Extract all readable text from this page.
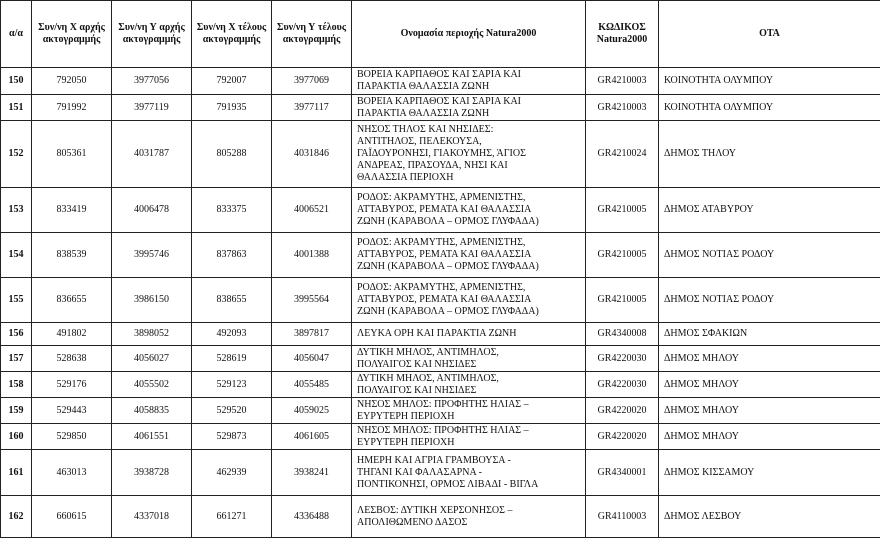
α/α	Συν/νη Χ αρχής ακτογραμμής	Συν/νη Υ αρχής ακτογραμμής	Συν/νη Χ τέλους ακτογραμμής	Συν/νη Υ τέλους ακτογραμμής	Ονομασία περιοχής Natura2000	ΚΩΔΙΚΟΣ Natura2000	ΟΤΑ
150	792050	3977056	792007	3977069	ΒΟΡΕΙΑ ΚΑΡΠΑΘΟΣ ΚΑΙ ΣΑΡΙΑ ΚΑΙ
ΠΑΡΑΚΤΙΑ ΘΑΛΑΣΣΙΑ ΖΩΝΗ	GR4210003	ΚΟΙΝΟΤΗΤΑ ΟΛΥΜΠΟΥ
151	791992	3977119	791935	3977117	ΒΟΡΕΙΑ ΚΑΡΠΑΘΟΣ ΚΑΙ ΣΑΡΙΑ ΚΑΙ
ΠΑΡΑΚΤΙΑ ΘΑΛΑΣΣΙΑ ΖΩΝΗ	GR4210003	ΚΟΙΝΟΤΗΤΑ ΟΛΥΜΠΟΥ
152	805361	4031787	805288	4031846	ΝΗΣΟΣ ΤΗΛΟΣ ΚΑΙ ΝΗΣΙΔΕΣ:
ΑΝΤΙΤΗΛΟΣ, ΠΕΛΕΚΟΥΣΑ,
ΓΑΪΔΟΥΡΟΝΗΣΙ, ΓΙΑΚΟΥΜΗΣ, ΆΓΙΟΣ
ΑΝΔΡΕΑΣ, ΠΡΑΣΟΥΔΑ, ΝΗΣΙ ΚΑΙ
ΘΑΛΑΣΣΙΑ ΠΕΡΙΟΧΗ	GR4210024	ΔΗΜΟΣ ΤΗΛΟΥ
153	833419	4006478	833375	4006521	ΡΟΔΟΣ: ΑΚΡΑΜΥΤΗΣ, ΑΡΜΕΝΙΣΤΗΣ,
ΑΤΤΑΒΥΡΟΣ, ΡΕΜΑΤΑ ΚΑΙ ΘΑΛΑΣΣΙΑ
ΖΩΝΗ (ΚΑΡΑΒΟΛΑ – ΟΡΜΟΣ ΓΛΥΦΑΔΑ)	GR4210005	ΔΗΜΟΣ ΑΤΑΒΥΡΟΥ
154	838539	3995746	837863	4001388	ΡΟΔΟΣ: ΑΚΡΑΜΥΤΗΣ, ΑΡΜΕΝΙΣΤΗΣ,
ΑΤΤΑΒΥΡΟΣ, ΡΕΜΑΤΑ ΚΑΙ ΘΑΛΑΣΣΙΑ
ΖΩΝΗ (ΚΑΡΑΒΟΛΑ – ΟΡΜΟΣ ΓΛΥΦΑΔΑ)	GR4210005	ΔΗΜΟΣ ΝΟΤΙΑΣ ΡΟΔΟΥ
155	836655	3986150	838655	3995564	ΡΟΔΟΣ: ΑΚΡΑΜΥΤΗΣ, ΑΡΜΕΝΙΣΤΗΣ,
ΑΤΤΑΒΥΡΟΣ, ΡΕΜΑΤΑ ΚΑΙ ΘΑΛΑΣΣΙΑ
ΖΩΝΗ (ΚΑΡΑΒΟΛΑ – ΟΡΜΟΣ ΓΛΥΦΑΔΑ)	GR4210005	ΔΗΜΟΣ ΝΟΤΙΑΣ ΡΟΔΟΥ
156	491802	3898052	492093	3897817	ΛΕΥΚΑ ΟΡΗ ΚΑΙ ΠΑΡΑΚΤΙΑ ΖΩΝΗ	GR4340008	ΔΗΜΟΣ ΣΦΑΚΙΩΝ
157	528638	4056027	528619	4056047	ΔΥΤΙΚΗ ΜΗΛΟΣ, ΑΝΤΙΜΗΛΟΣ,
ΠΟΛΥΑΙΓΟΣ ΚΑΙ ΝΗΣΙΔΕΣ	GR4220030	ΔΗΜΟΣ ΜΗΛΟΥ
158	529176	4055502	529123	4055485	ΔΥΤΙΚΗ ΜΗΛΟΣ, ΑΝΤΙΜΗΛΟΣ,
ΠΟΛΥΑΙΓΟΣ ΚΑΙ ΝΗΣΙΔΕΣ	GR4220030	ΔΗΜΟΣ ΜΗΛΟΥ
159	529443	4058835	529520	4059025	ΝΗΣΟΣ ΜΗΛΟΣ: ΠΡΟΦΗΤΗΣ ΗΛΙΑΣ –
ΕΥΡΥΤΕΡΗ ΠΕΡΙΟΧΗ	GR4220020	ΔΗΜΟΣ ΜΗΛΟΥ
160	529850	4061551	529873	4061605	ΝΗΣΟΣ ΜΗΛΟΣ: ΠΡΟΦΗΤΗΣ ΗΛΙΑΣ –
ΕΥΡΥΤΕΡΗ ΠΕΡΙΟΧΗ	GR4220020	ΔΗΜΟΣ ΜΗΛΟΥ
161	463013	3938728	462939	3938241	ΗΜΕΡΗ ΚΑΙ ΑΓΡΙΑ ΓΡΑΜΒΟΥΣΑ -
ΤΗΓΑΝΙ ΚΑΙ ΦΑΛΑΣΑΡΝΑ -
ΠΟΝΤΙΚΟΝΗΣΙ, ΟΡΜΟΣ ΛΙΒΑΔΙ - ΒΙΓΛΑ	GR4340001	ΔΗΜΟΣ ΚΙΣΣΑΜΟΥ
162	660615	4337018	661271	4336488	ΛΕΣΒΟΣ: ΔΥΤΙΚΗ ΧΕΡΣΟΝΗΣΟΣ –
ΑΠΟΛΙΘΩΜΕΝΟ ΔΑΣΟΣ	GR4110003	ΔΗΜΟΣ ΛΕΣΒΟΥ
